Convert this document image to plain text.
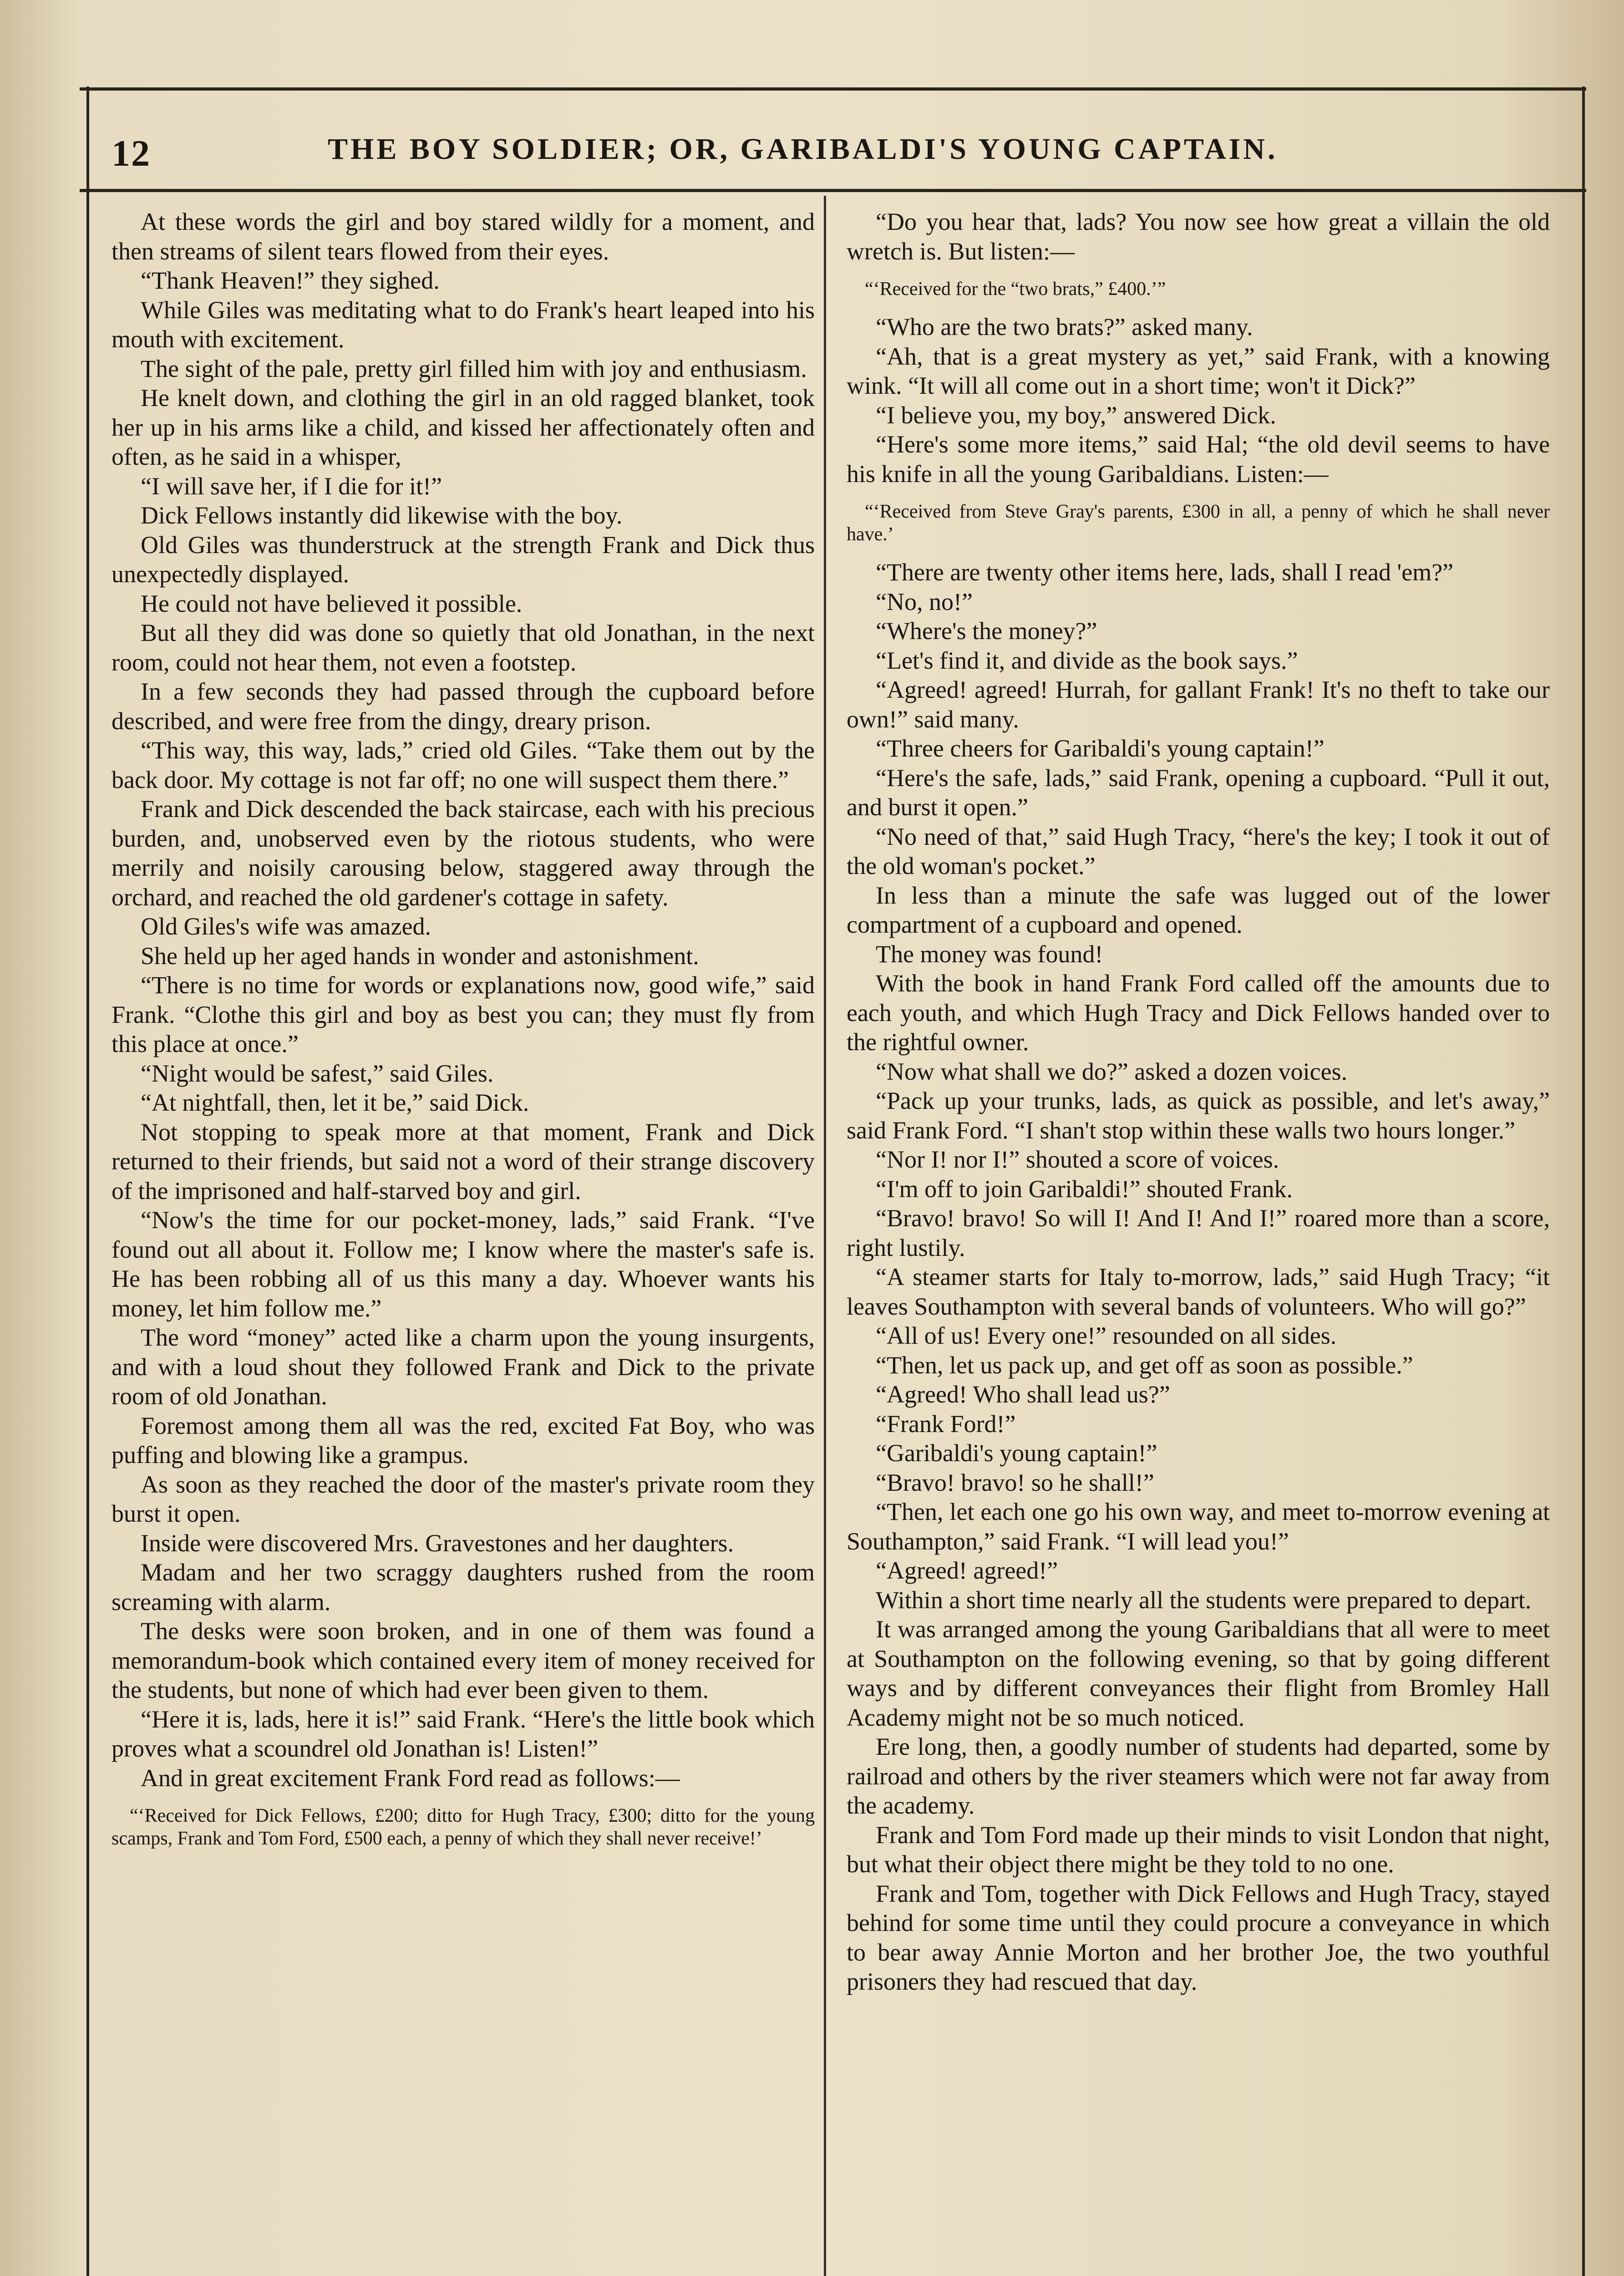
12	THE BOY SOLDIER; OR, GARIBALDI'S YOUNG CAPTAIN.

At these words the girl and boy stared wildly for a moment, and then streams of silent tears flowed from their eyes.

“Thank Heaven!” they sighed.

While Giles was meditating what to do Frank's heart leaped into his mouth with excitement.

The sight of the pale, pretty girl filled him with joy and enthusiasm.

He knelt down, and clothing the girl in an old ragged blanket, took her up in his arms like a child, and kissed her affectionately often and often, as he said in a whisper,

“I will save her, if I die for it!”

Dick Fellows instantly did likewise with the boy.

Old Giles was thunderstruck at the strength Frank and Dick thus unexpectedly displayed.

He could not have believed it possible.

But all they did was done so quietly that old Jonathan, in the next room, could not hear them, not even a footstep.

In a few seconds they had passed through the cupboard before described, and were free from the dingy, dreary prison.

“This way, this way, lads,” cried old Giles. “Take them out by the back door. My cottage is not far off; no one will suspect them there.”

Frank and Dick descended the back staircase, each with his precious burden, and, unobserved even by the riotous students, who were merrily and noisily carousing below, staggered away through the orchard, and reached the old gardener's cottage in safety.

Old Giles's wife was amazed.

She held up her aged hands in wonder and astonishment.

“There is no time for words or explanations now, good wife,” said Frank. “Clothe this girl and boy as best you can; they must fly from this place at once.”

“Night would be safest,” said Giles.

“At nightfall, then, let it be,” said Dick.

Not stopping to speak more at that moment, Frank and Dick returned to their friends, but said not a word of their strange discovery of the imprisoned and half-starved boy and girl.

“Now's the time for our pocket-money, lads,” said Frank. “I've found out all about it. Follow me; I know where the master's safe is. He has been robbing all of us this many a day. Whoever wants his money, let him follow me.”

The word “money” acted like a charm upon the young insurgents, and with a loud shout they followed Frank and Dick to the private room of old Jonathan.

Foremost among them all was the red, excited Fat Boy, who was puffing and blowing like a grampus.

As soon as they reached the door of the master's private room they burst it open.

Inside were discovered Mrs. Gravestones and her daughters.

Madam and her two scraggy daughters rushed from the room screaming with alarm.

The desks were soon broken, and in one of them was found a memorandum-book which contained every item of money received for the students, but none of which had ever been given to them.

“Here it is, lads, here it is!” said Frank. “Here's the little book which proves what a scoundrel old Jonathan is! Listen!”

And in great excitement Frank Ford read as follows:—

“‘Received for Dick Fellows, £200; ditto for Hugh Tracy, £300; ditto for the young scamps, Frank and Tom Ford, £500 each, a penny of which they shall never receive!’

“Do you hear that, lads? You now see how great a villain the old wretch is. But listen:—

“‘Received for the “two brats,” £400.’”

“Who are the two brats?” asked many.

“Ah, that is a great mystery as yet,” said Frank, with a knowing wink. “It will all come out in a short time; won't it Dick?”

“I believe you, my boy,” answered Dick.

“Here's some more items,” said Hal; “the old devil seems to have his knife in all the young Garibaldians. Listen:—

“‘Received from Steve Gray's parents, £300 in all, a penny of which he shall never have.’

“There are twenty other items here, lads, shall I read 'em?”

“No, no!”

“Where's the money?”

“Let's find it, and divide as the book says.”

“Agreed! agreed! Hurrah, for gallant Frank! It's no theft to take our own!” said many.

“Three cheers for Garibaldi's young captain!”

“Here's the safe, lads,” said Frank, opening a cupboard. “Pull it out, and burst it open.”

“No need of that,” said Hugh Tracy, “here's the key; I took it out of the old woman's pocket.”

In less than a minute the safe was lugged out of the lower compartment of a cupboard and opened.

The money was found!

With the book in hand Frank Ford called off the amounts due to each youth, and which Hugh Tracy and Dick Fellows handed over to the rightful owner.

“Now what shall we do?” asked a dozen voices.

“Pack up your trunks, lads, as quick as possible, and let's away,” said Frank Ford. “I shan't stop within these walls two hours longer.”

“Nor I! nor I!” shouted a score of voices.

“I'm off to join Garibaldi!” shouted Frank.

“Bravo! bravo! So will I! And I! And I!” roared more than a score, right lustily.

“A steamer starts for Italy to-morrow, lads,” said Hugh Tracy; “it leaves Southampton with several bands of volunteers. Who will go?”

“All of us! Every one!” resounded on all sides.

“Then, let us pack up, and get off as soon as possible.”

“Agreed! Who shall lead us?”

“Frank Ford!”

“Garibaldi's young captain!”

“Bravo! bravo! so he shall!”

“Then, let each one go his own way, and meet to-morrow evening at Southampton,” said Frank. “I will lead you!”

“Agreed! agreed!”

Within a short time nearly all the students were prepared to depart.

It was arranged among the young Garibaldians that all were to meet at Southampton on the following evening, so that by going different ways and by different conveyances their flight from Bromley Hall Academy might not be so much noticed.

Ere long, then, a goodly number of students had departed, some by railroad and others by the river steamers which were not far away from the academy.

Frank and Tom Ford made up their minds to visit London that night, but what their object there might be they told to no one.

Frank and Tom, together with Dick Fellows and Hugh Tracy, stayed behind for some time until they could procure a conveyance in which to bear away Annie Morton and her brother Joe, the two youthful prisoners they had rescued that day.
